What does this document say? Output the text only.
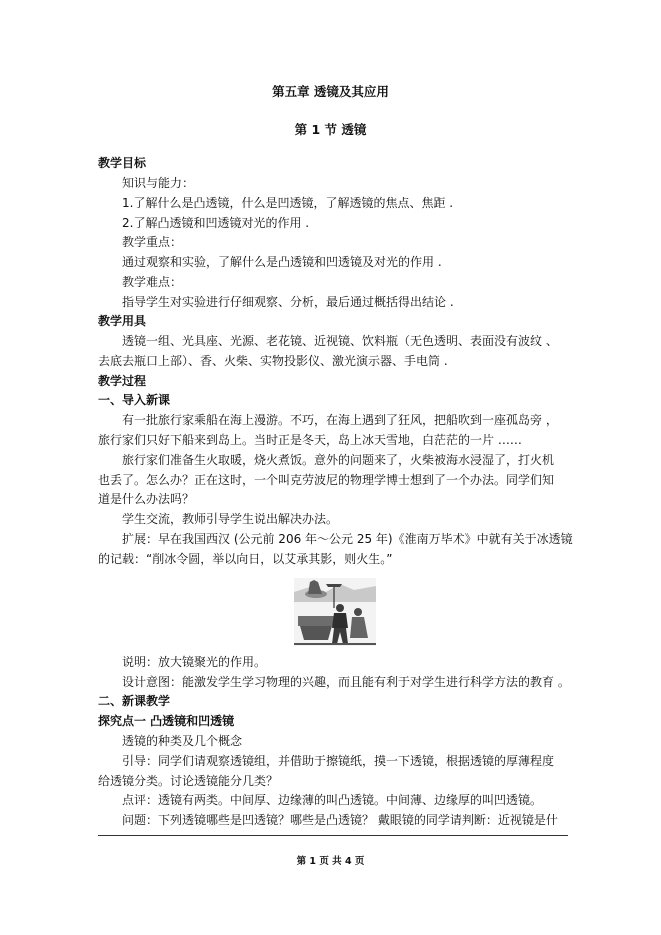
第五章 透镜及其应用
第 1 节 透镜
教学目标
知识与能力：
1.了解什么是凸透镜，什么是凹透镜，了解透镜的焦点、焦距 .
2.了解凸透镜和凹透镜对光的作用 .
教学重点：
通过观察和实验，了解什么是凸透镜和凹透镜及对光的作用 .
教学难点：
指导学生对实验进行仔细观察、分析，最后通过概括得出结论 .
教学用具
透镜一组、光具座、光源、老花镜、近视镜、饮料瓶（无色透明、表面没有波纹 、
去底去瓶口上部）、香、火柴、实物投影仪、激光演示器、手电筒 .
教学过程
一、导入新课
有一批旅行家乘船在海上漫游。不巧，在海上遇到了狂风，把船吹到一座孤岛旁 ，
旅行家们只好下船来到岛上。当时正是冬天，岛上冰天雪地，白茫茫的一片 ……
旅行家们准备生火取暖，烧火煮饭。意外的问题来了，火柴被海水浸湿了，打火机
也丢了。怎么办？正在这时，一个叫克劳波尼的物理学博士想到了一个办法。同学们知
道是什么办法吗？
学生交流，教师引导学生说出解决办法。
扩展：早在我国西汉 (公元前 206 年～公元 25 年)《淮南万毕术》中就有关于冰透镜
的记载：“削冰令圆，举以向日，以艾承其影，则火生。”
说明：放大镜聚光的作用。
设计意图：能激发学生学习物理的兴趣，而且能有利于对学生进行科学方法的教育 。
二、新课教学
探究点一 凸透镜和凹透镜
透镜的种类及几个概念
引导：同学们请观察透镜组，并借助于擦镜纸，摸一下透镜，根据透镜的厚薄程度
给透镜分类。讨论透镜能分几类？
点评：透镜有两类。中间厚、边缘薄的叫凸透镜。中间薄、边缘厚的叫凹透镜。
问题：下列透镜哪些是凹透镜？哪些是凸透镜？ 戴眼镜的同学请判断：近视镜是什
第 1 页 共 4 页
